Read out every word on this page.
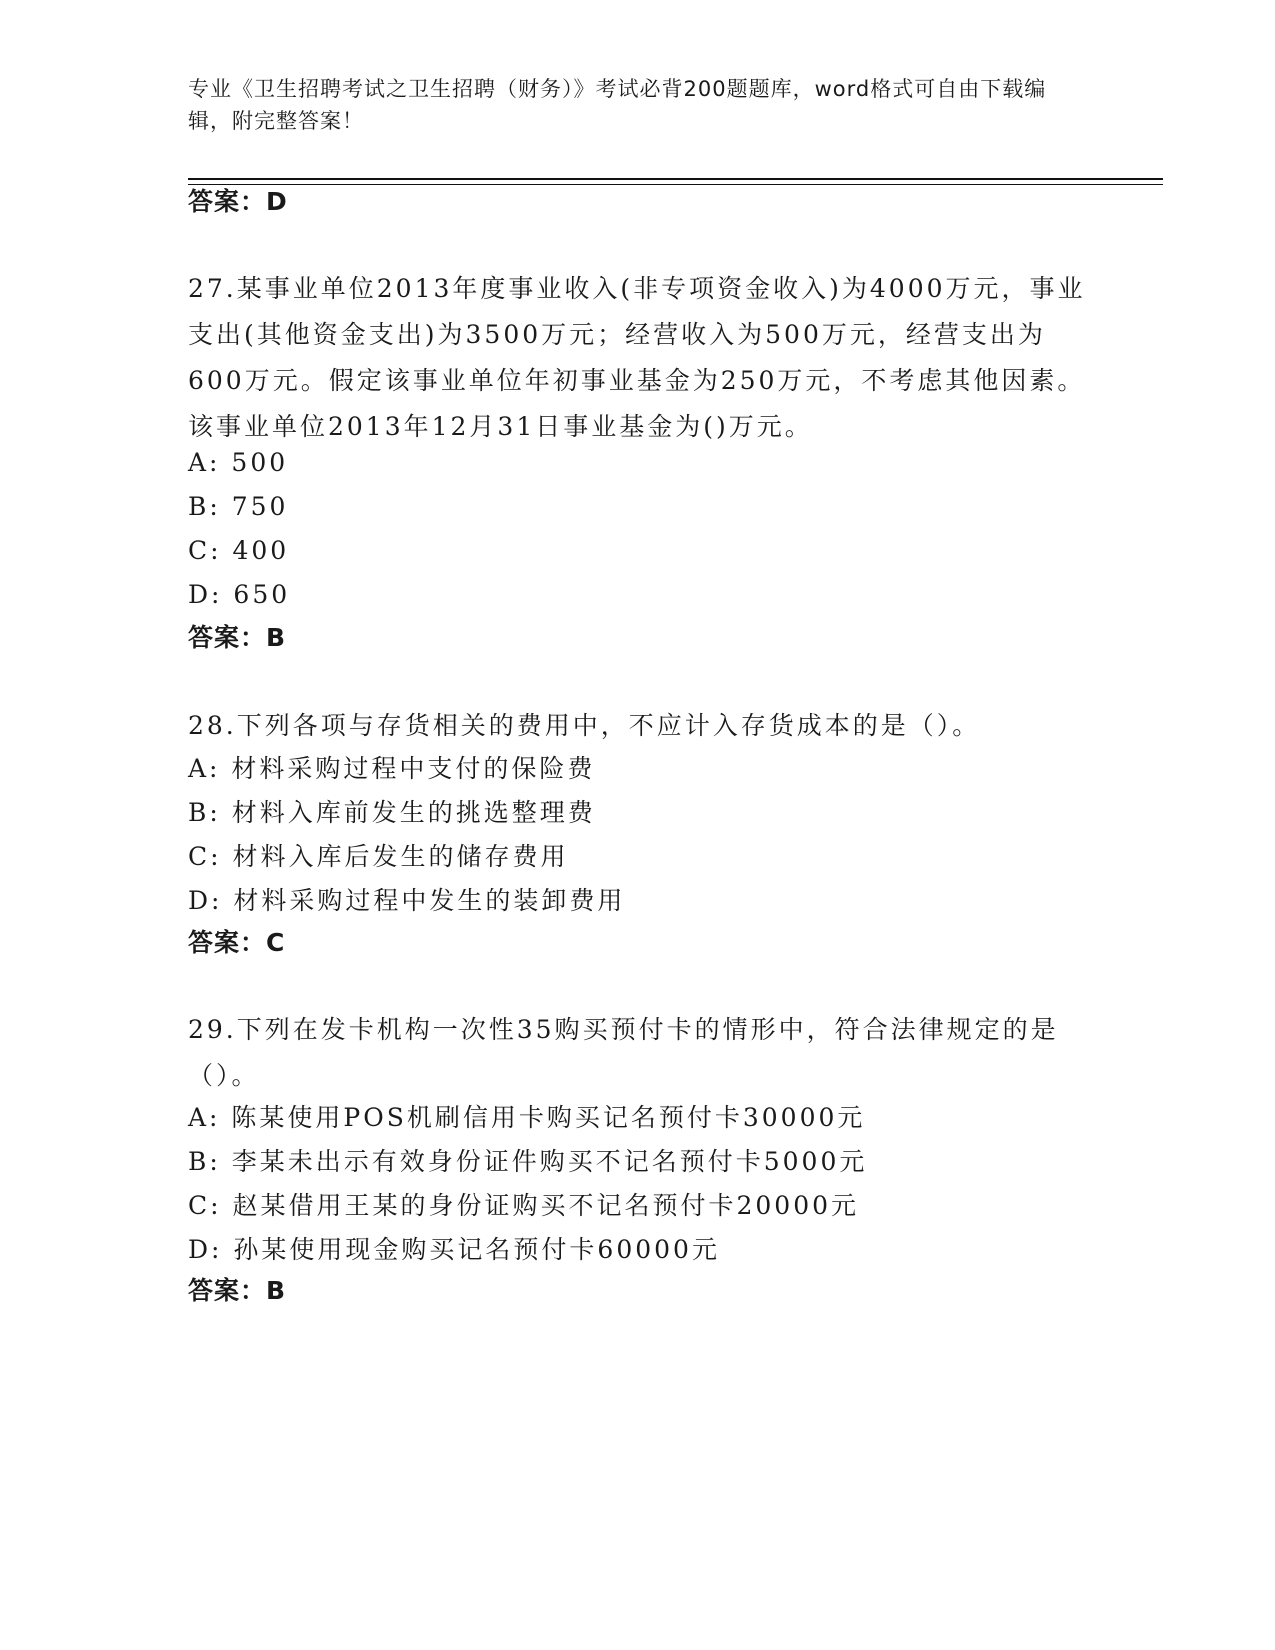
专业《卫生招聘考试之卫生招聘（财务）》考试必背200题题库，word格式可自由下载编辑，附完整答案！
答案：D
27.某事业单位2013年度事业收入(非专项资金收入)为4000万元，事业支出(其他资金支出)为3500万元；经营收入为500万元，经营支出为600万元。假定该事业单位年初事业基金为250万元，不考虑其他因素。该事业单位2013年12月31日事业基金为()万元。
A: 500
B: 750
C: 400
D: 650
答案：B
28.下列各项与存货相关的费用中，不应计入存货成本的是（）。
A: 材料采购过程中支付的保险费
B: 材料入库前发生的挑选整理费
C: 材料入库后发生的储存费用
D: 材料采购过程中发生的装卸费用
答案：C
29.下列在发卡机构一次性35购买预付卡的情形中，符合法律规定的是（）。
A: 陈某使用POS机刷信用卡购买记名预付卡30000元
B: 李某未出示有效身份证件购买不记名预付卡5000元
C: 赵某借用王某的身份证购买不记名预付卡20000元
D: 孙某使用现金购买记名预付卡60000元
答案：B
